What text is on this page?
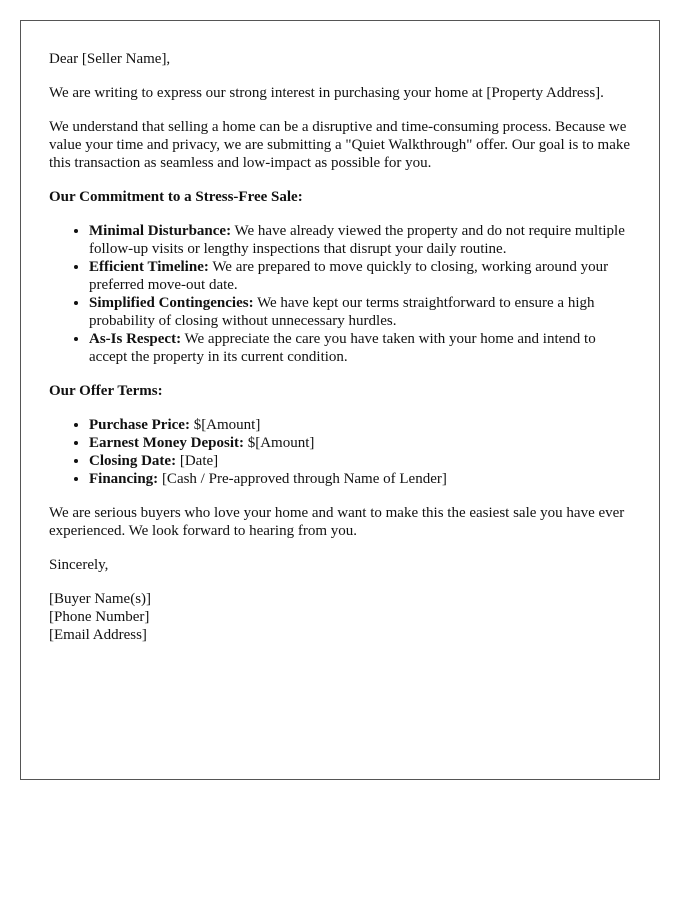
Dear [Seller Name],

We are writing to express our strong interest in purchasing your home at [Property Address].

We understand that selling a home can be a disruptive and time-consuming process. Because we value your time and privacy, we are submitting a "Quiet Walkthrough" offer. Our goal is to make this transaction as seamless and low-impact as possible for you.

Our Commitment to a Stress-Free Sale:
• Minimal Disturbance: We have already viewed the property and do not require multiple follow-up visits or lengthy inspections that disrupt your daily routine.
• Efficient Timeline: We are prepared to move quickly to closing, working around your preferred move-out date.
• Simplified Contingencies: We have kept our terms straightforward to ensure a high probability of closing without unnecessary hurdles.
• As-Is Respect: We appreciate the care you have taken with your home and intend to accept the property in its current condition.
Our Offer Terms:
• Purchase Price: $[Amount]
• Earnest Money Deposit: $[Amount]
• Closing Date: [Date]
• Financing: [Cash / Pre-approved through Name of Lender]

We are serious buyers who love your home and want to make this the easiest sale you have ever experienced. We look forward to hearing from you.

Sincerely,

[Buyer Name(s)]
[Phone Number]
[Email Address]
